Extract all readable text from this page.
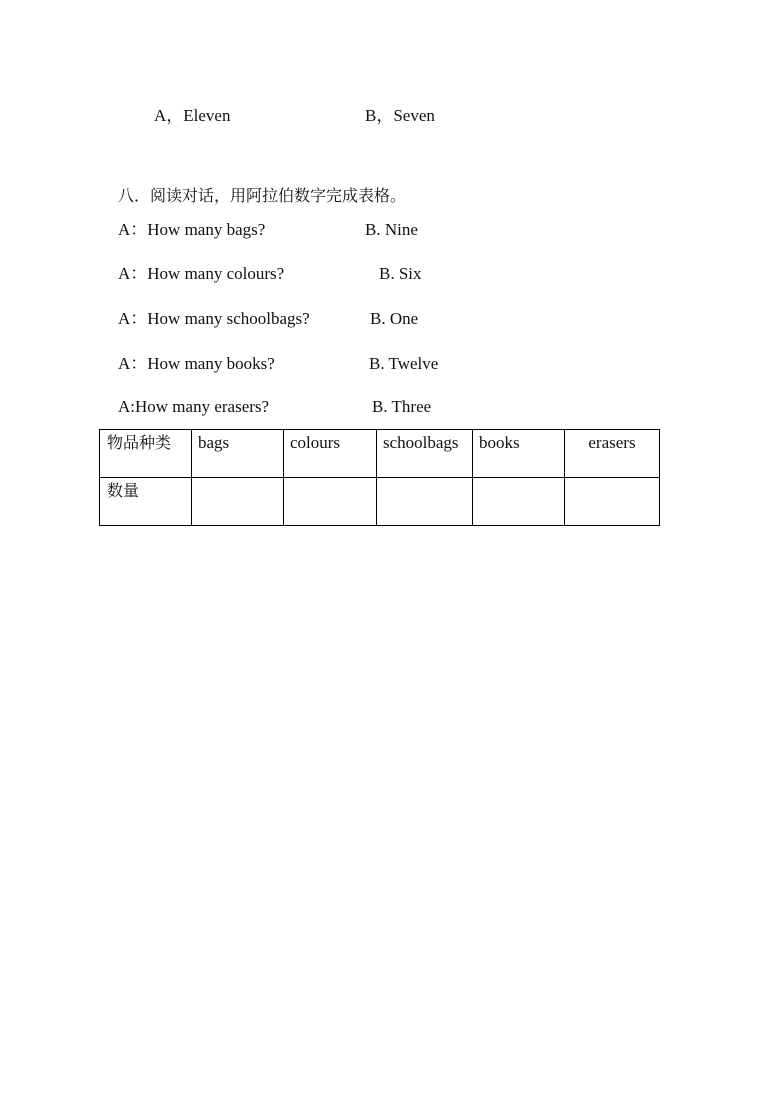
A，Eleven	B，Seven
八．阅读对话，用阿拉伯数字完成表格。
A：How many bags?	B. Nine
A：How many colours?	B. Six
A：How many schoolbags?	B. One
A：How many books?	B. Twelve
A:How many erasers?	B. Three
物品种类	bags	colours	schoolbags	books	erasers
数量					
